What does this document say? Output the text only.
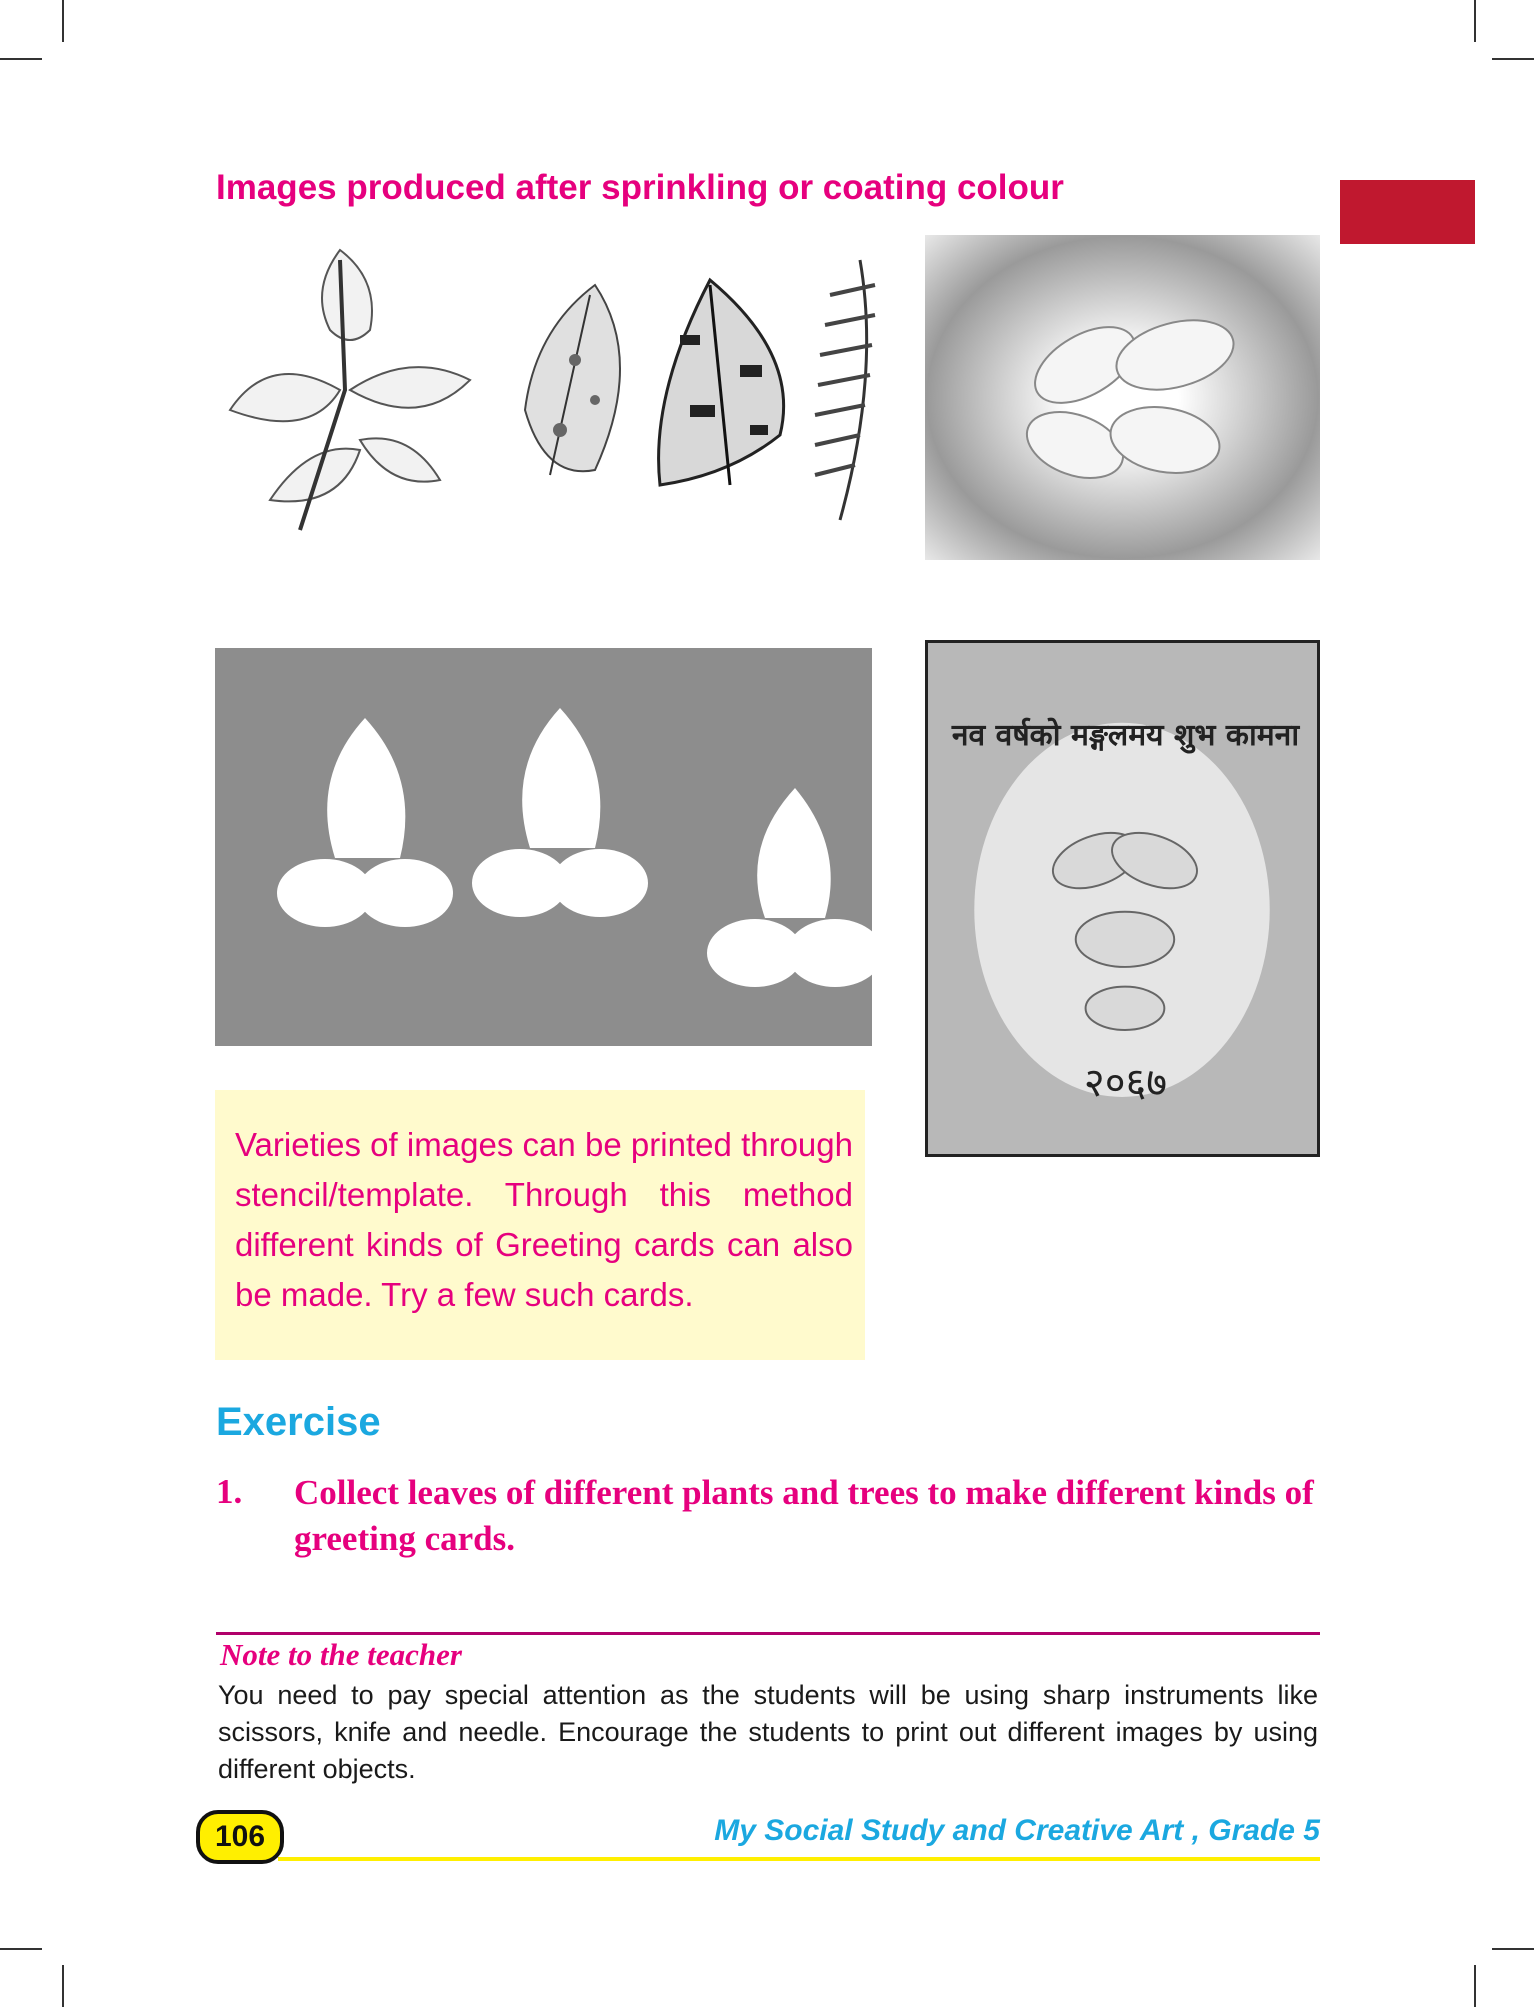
Images produced after sprinkling or coating colour
नव वर्षको मङ्गलमय शुभ कामना
२०६७

Varieties of images can be printed through stencil/template. Through this method different kinds of Greeting cards can also be made. Try a few such cards.

Exercise
1. Collect leaves of different plants and trees to make different kinds of greeting cards.
Note to the teacher
You need to pay special attention as the students will be using sharp instruments like scissors, knife and needle. Encourage the students to print out different images by using different objects.
106	My Social Study and Creative Art , Grade 5
